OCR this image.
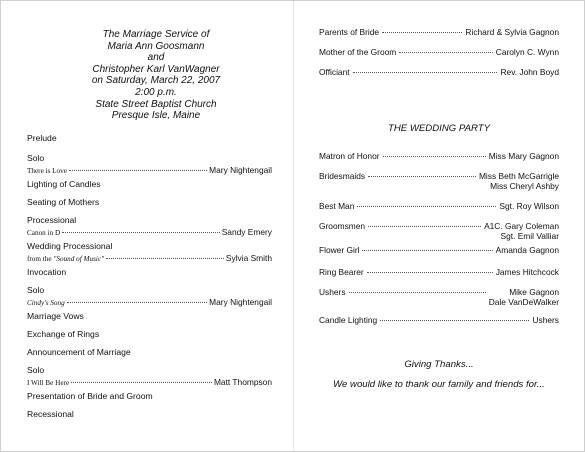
The Marriage Service of
Maria Ann Goosmann
and
Christopher Karl VanWagner
on Saturday, March 22, 2007
2:00 p.m.
State Street Baptist Church
Presque Isle, Maine
Prelude
Solo
There is Love	Mary Nightengail
Lighting of Candles
Seating of Mothers
Processional
Canon in D	Sandy Emery
Wedding Processional
from the "Sound of Music"	Sylvia Smith
Invocation
Solo
Cindy's Song	Mary Nightengail
Marriage Vows
Exchange of Rings
Announcement of Marriage
Solo
I Will Be Here	Matt Thompson
Presentation of Bride and Groom
Recessional
Parents of Bride	Richard & Sylvia Gagnon
Mother of the Groom	Carolyn C. Wynn
Officiant	Rev. John Boyd
THE WEDDING PARTY
Matron of Honor	Miss Mary Gagnon
Bridesmaids	Miss Beth McGarrigle
Miss Cheryl Ashby
Best Man	Sgt. Roy Wilson
Groomsmen	A1C. Gary Coleman
Sgt. Emil Valliar
Flower Girl	Amanda Gagnon
Ring Bearer	James Hitchcock
Ushers	Mike Gagnon
Dale VanDeWalker
Candle Lighting	Ushers
Giving Thanks...
We would like to thank our family and friends for...
